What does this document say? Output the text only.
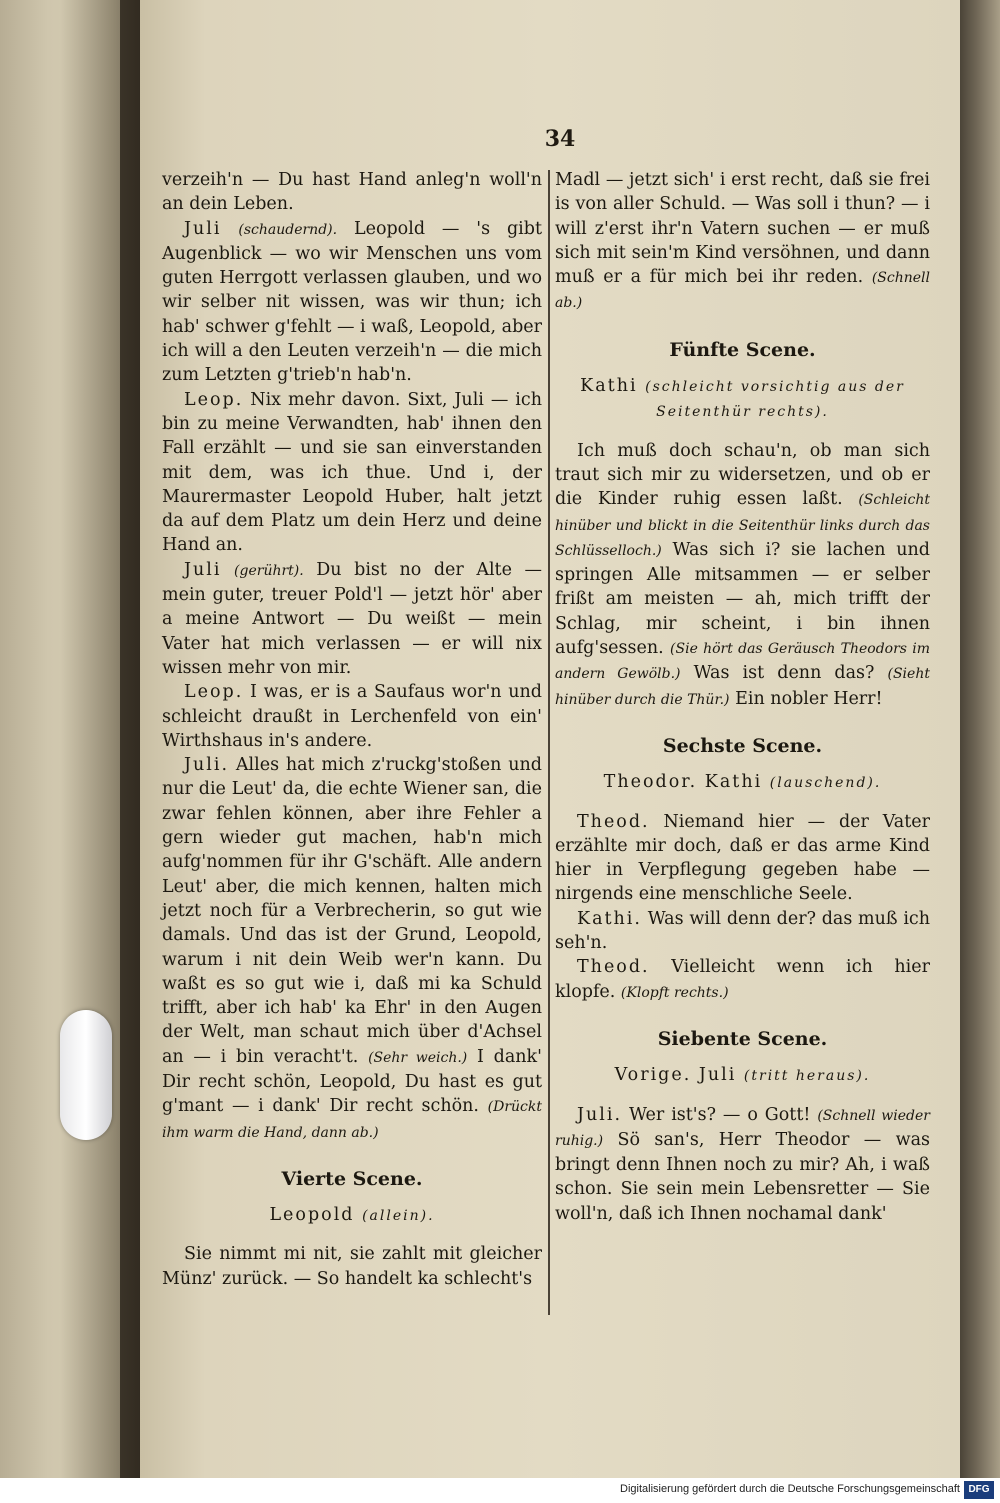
34

verzeih'n — Du hast Hand anleg'n woll'n an dein Leben.

Juli (schaudernd). Leopold — 's gibt Augenblick — wo wir Menschen uns vom guten Herrgott verlassen glauben, und wo wir selber nit wissen, was wir thun; ich hab' schwer g'fehlt — i waß, Leopold, aber ich will a den Leuten verzeih'n — die mich zum Letzten g'trieb'n hab'n.

Leop. Nix mehr davon. Sixt, Juli — ich bin zu meine Verwandten, hab' ihnen den Fall erzählt — und sie san einverstanden mit dem, was ich thue. Und i, der Maurermaster Leopold Huber, halt jetzt da auf dem Platz um dein Herz und deine Hand an.

Juli (gerührt). Du bist no der Alte — mein guter, treuer Pold'l — jetzt hör' aber a meine Antwort — Du weißt — mein Vater hat mich verlassen — er will nix wissen mehr von mir.

Leop. I was, er is a Saufaus wor'n und schleicht draußt in Lerchenfeld von ein' Wirthshaus in's andere.

Juli. Alles hat mich z'ruckg'stoßen und nur die Leut' da, die echte Wiener san, die zwar fehlen können, aber ihre Fehler a gern wieder gut machen, hab'n mich aufg'nommen für ihr G'schäft. Alle andern Leut' aber, die mich kennen, halten mich jetzt noch für a Verbrecherin, so gut wie damals. Und das ist der Grund, Leopold, warum i nit dein Weib wer'n kann. Du waßt es so gut wie i, daß mi ka Schuld trifft, aber ich hab' ka Ehr' in den Augen der Welt, man schaut mich über d'Achsel an — i bin veracht't. (Sehr weich.) I dank' Dir recht schön, Leopold, Du hast es gut g'mant — i dank' Dir recht schön. (Drückt ihm warm die Hand, dann ab.)

Vierte Scene.
Leopold (allein).

Sie nimmt mi nit, sie zahlt mit gleicher Münz' zurück. — So handelt ka schlecht's

Madl — jetzt sich' i erst recht, daß sie frei is von aller Schuld. — Was soll i thun? — i will z'erst ihr'n Vatern suchen — er muß sich mit sein'm Kind versöhnen, und dann muß er a für mich bei ihr reden. (Schnell ab.)

Fünfte Scene.
Kathi (schleicht vorsichtig aus der Seitenthür rechts).

Ich muß doch schau'n, ob man sich traut sich mir zu widersetzen, und ob er die Kinder ruhig essen laßt. (Schleicht hinüber und blickt in die Seitenthür links durch das Schlüsselloch.) Was sich i? sie lachen und springen Alle mitsammen — er selber frißt am meisten — ah, mich trifft der Schlag, mir scheint, i bin ihnen aufg'sessen. (Sie hört das Geräusch Theodors im andern Gewölb.) Was ist denn das? (Sieht hinüber durch die Thür.) Ein nobler Herr!

Sechste Scene.
Theodor. Kathi (lauschend).

Theod. Niemand hier — der Vater erzählte mir doch, daß er das arme Kind hier in Verpflegung gegeben habe — nirgends eine menschliche Seele.

Kathi. Was will denn der? das muß ich seh'n.

Theod. Vielleicht wenn ich hier klopfe. (Klopft rechts.)

Siebente Scene.
Vorige. Juli (tritt heraus).

Juli. Wer ist's? — o Gott! (Schnell wieder ruhig.) Sö san's, Herr Theodor — was bringt denn Ihnen noch zu mir? Ah, i waß schon. Sie sein mein Lebensretter — Sie woll'n, daß ich Ihnen nochamal dank'

Digitalisierung gefördert durch die Deutsche Forschungsgemeinschaft DFG
